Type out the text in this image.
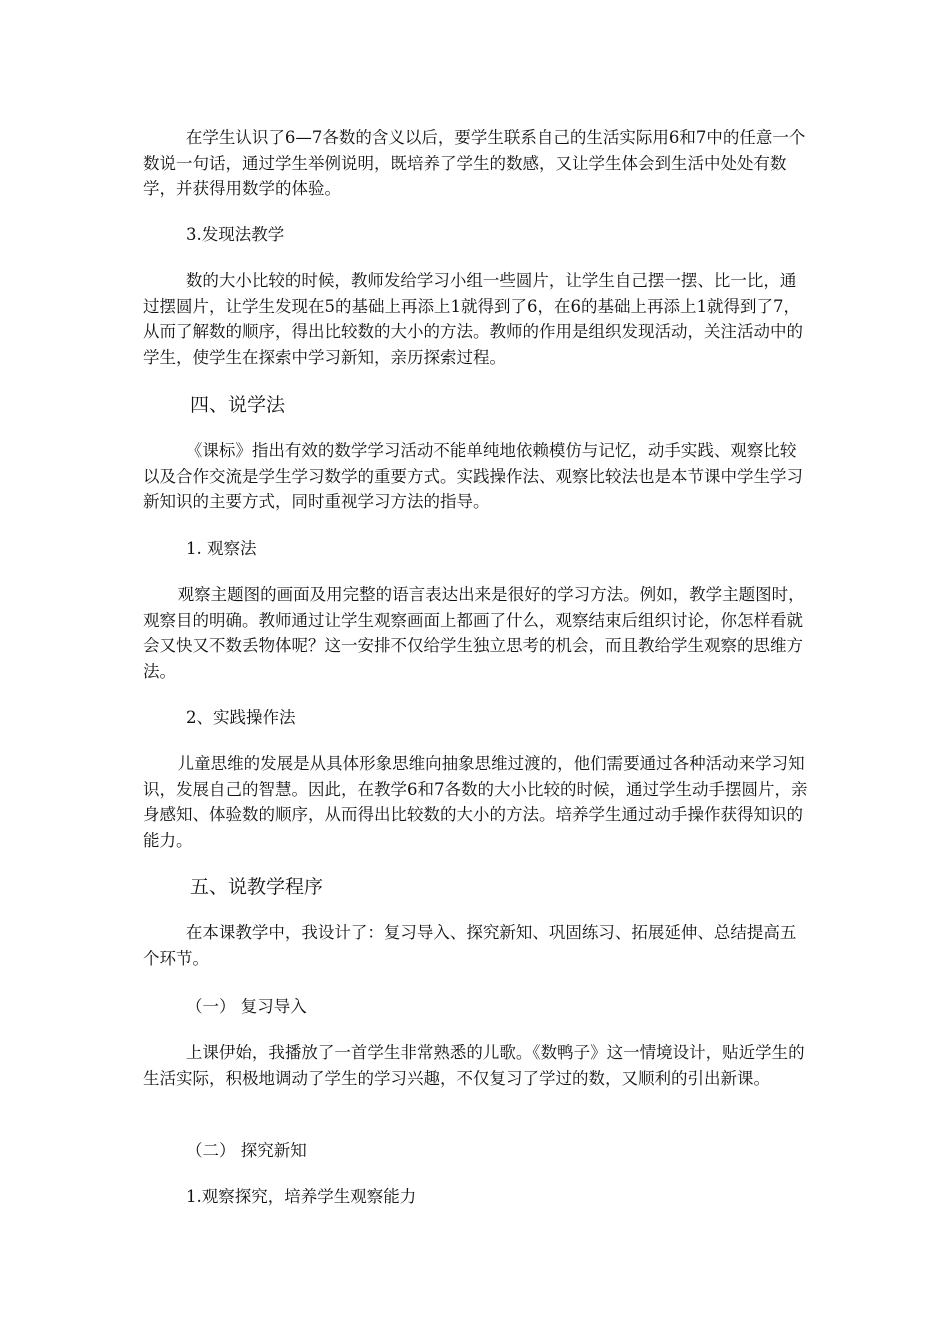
在学生认识了6—7各数的含义以后，要学生联系自己的生活实际用6和7中的任意一个数说一句话，通过学生举例说明，既培养了学生的数感，又让学生体会到生活中处处有数学，并获得用数学的体验。

3.发现法教学

数的大小比较的时候，教师发给学习小组一些圆片，让学生自己摆一摆、比一比，通过摆圆片，让学生发现在5的基础上再添上1就得到了6，在6的基础上再添上1就得到了7，从而了解数的顺序，得出比较数的大小的方法。教师的作用是组织发现活动，关注活动中的学生，使学生在探索中学习新知，亲历探索过程。

四、说学法

《课标》指出有效的数学学习活动不能单纯地依赖模仿与记忆，动手实践、观察比较以及合作交流是学生学习数学的重要方式。实践操作法、观察比较法也是本节课中学生学习新知识的主要方式，同时重视学习方法的指导。

1. 观察法

观察主题图的画面及用完整的语言表达出来是很好的学习方法。例如，教学主题图时，观察目的明确。教师通过让学生观察画面上都画了什么，观察结束后组织讨论，你怎样看就会又快又不数丢物体呢？这一安排不仅给学生独立思考的机会，而且教给学生观察的思维方法。

2、实践操作法

儿童思维的发展是从具体形象思维向抽象思维过渡的，他们需要通过各种活动来学习知识，发展自己的智慧。因此，在教学6和7各数的大小比较的时候，通过学生动手摆圆片，亲身感知、体验数的顺序，从而得出比较数的大小的方法。培养学生通过动手操作获得知识的能力。

五、说教学程序

在本课教学中，我设计了：复习导入、探究新知、巩固练习、拓展延伸、总结提高五个环节。

（一） 复习导入

上课伊始，我播放了一首学生非常熟悉的儿歌。《数鸭子》这一情境设计，贴近学生的生活实际，积极地调动了学生的学习兴趣，不仅复习了学过的数，又顺利的引出新课。

（二） 探究新知

1.观察探究，培养学生观察能力
